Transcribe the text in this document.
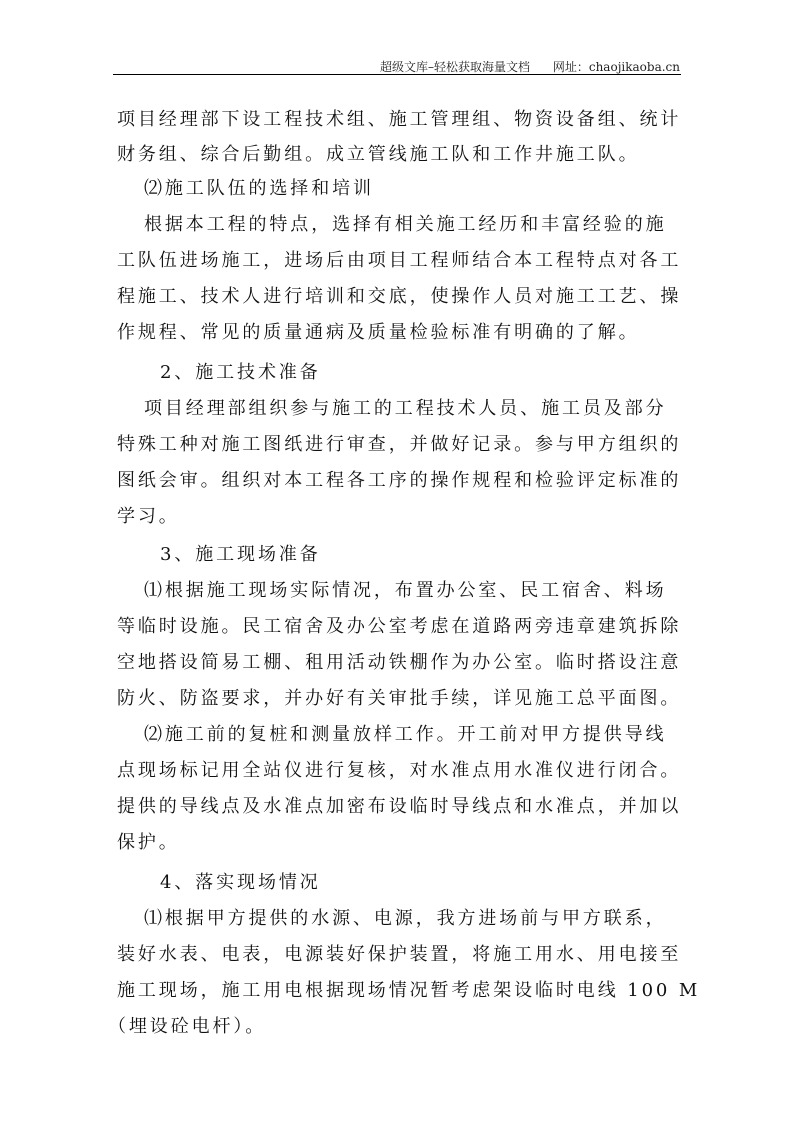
超级文库–轻松获取海量文档 网址：chaojikaoba.cn
项目经理部下设工程技术组、施工管理组、物资设备组、统计
财务组、综合后勤组。成立管线施工队和工作井施工队。
⑵施工队伍的选择和培训
根据本工程的特点，选择有相关施工经历和丰富经验的施
工队伍进场施工，进场后由项目工程师结合本工程特点对各工
程施工、技术人进行培训和交底，使操作人员对施工工艺、操
作规程、常见的质量通病及质量检验标准有明确的了解。
2、施工技术准备
项目经理部组织参与施工的工程技术人员、施工员及部分
特殊工种对施工图纸进行审查，并做好记录。参与甲方组织的
图纸会审。组织对本工程各工序的操作规程和检验评定标准的
学习。
3、施工现场准备
⑴根据施工现场实际情况，布置办公室、民工宿舍、料场
等临时设施。民工宿舍及办公室考虑在道路两旁违章建筑拆除
空地搭设简易工棚、租用活动铁棚作为办公室。临时搭设注意
防火、防盗要求，并办好有关审批手续，详见施工总平面图。
⑵施工前的复桩和测量放样工作。开工前对甲方提供导线
点现场标记用全站仪进行复核，对水准点用水准仪进行闭合。
提供的导线点及水准点加密布设临时导线点和水准点，并加以
保护。
4、落实现场情况
⑴根据甲方提供的水源、电源，我方进场前与甲方联系，
装好水表、电表，电源装好保护装置，将施工用水、用电接至
施工现场，施工用电根据现场情况暂考虑架设临时电线 100 M
（埋设砼电杆）。
